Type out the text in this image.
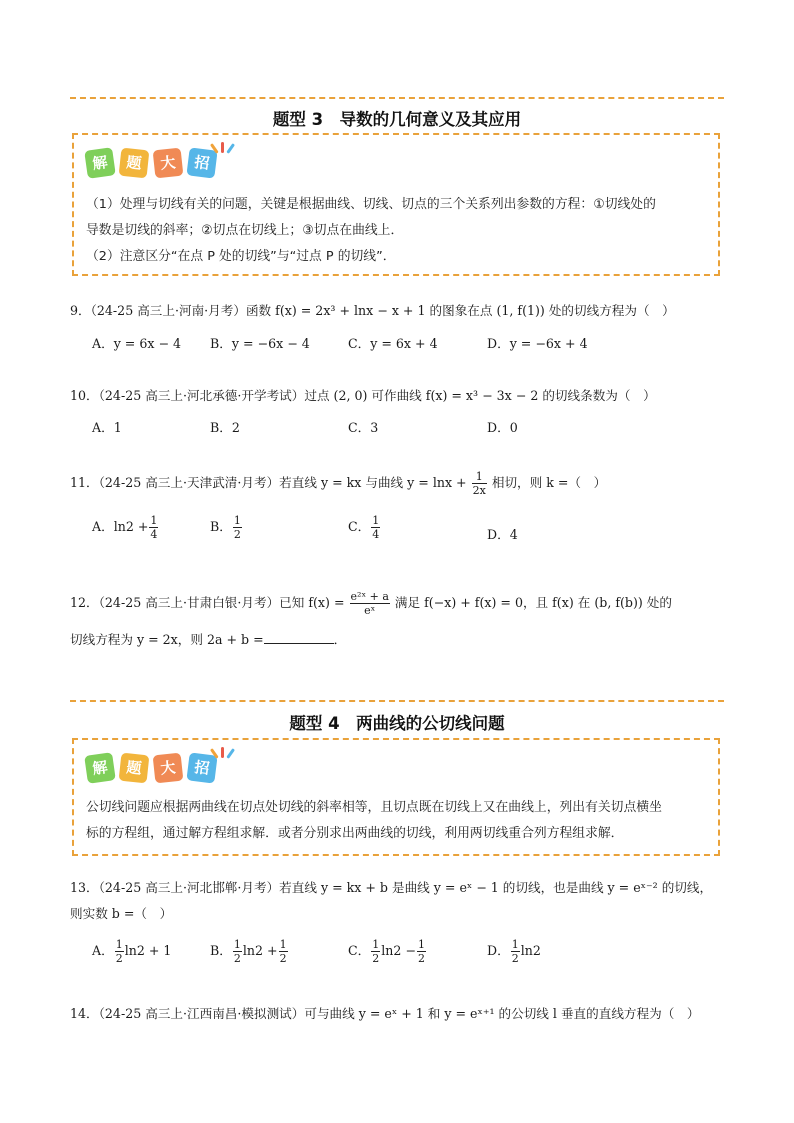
题型 3　导数的几何意义及其应用
解	题	大	招
（1）处理与切线有关的问题，关键是根据曲线、切线、切点的三个关系列出参数的方程：①切线处的
导数是切线的斜率；②切点在切线上；③切点在曲线上．
（2）注意区分“在点 P 处的切线”与“过点 P 的切线”．
9．（24-25 高三上·河南·月考）函数 f(x) = 2x³ + lnx − x + 1 的图象在点 (1, f(1)) 处的切线方程为（　）
A．y = 6x − 4 B．y = −6x − 4	C．y = 6x + 4	D．y = −6x + 4
10．（24-25 高三上·河北承德·开学考试）过点 (2, 0) 可作曲线 f(x) = x³ − 3x − 2 的切线条数为（　）
A．1	B．2	C．3	D．0
11．（24-25 高三上·天津武清·月考）若直线 y = kx 与曲线 $y = \ln x + \frac{1}{2x}$ 相切，则 k =（　）
A．$\ln 2 + \frac{1}{4}$	B． $\frac{1}{2}$	C． $\frac{1}{4}$	D．4
12．（24-25 高三上·甘肃白银·月考）已知 $f(x) = \frac{\text{e²ˣ + a}}{\text{eˣ}}$ 满足 f(−x) + f(x) = 0，且 f(x) 在 (b, f(b)) 处的
切线方程为 y = 2x，则 2a + b =	．
题型 4　两曲线的公切线问题
解	题	大	招
公切线问题应根据两曲线在切点处切线的斜率相等，且切点既在切线上又在曲线上，列出有关切点横坐
标的方程组，通过解方程组求解．或者分别求出两曲线的切线，利用两切线重合列方程组求解．
13．（24-25 高三上·河北邯郸·月考）若直线 y = kx + b 是曲线 y = eˣ − 1 的切线，也是曲线 y = eˣ⁻² 的切线，
则实数 b =（　）
A． $\frac{1}{2} \ln 2 + 1$	B． $\frac{1}{2} \ln 2 + \frac{1}{2}$	C． $\frac{1}{2} \ln 2 - \frac{1}{2}$	D． $\frac{1}{2} \ln 2$
14．（24-25 高三上·江西南昌·模拟测试）可与曲线 y = eˣ + 1 和 y = eˣ⁺¹ 的公切线 l 垂直的直线方程为（　）
